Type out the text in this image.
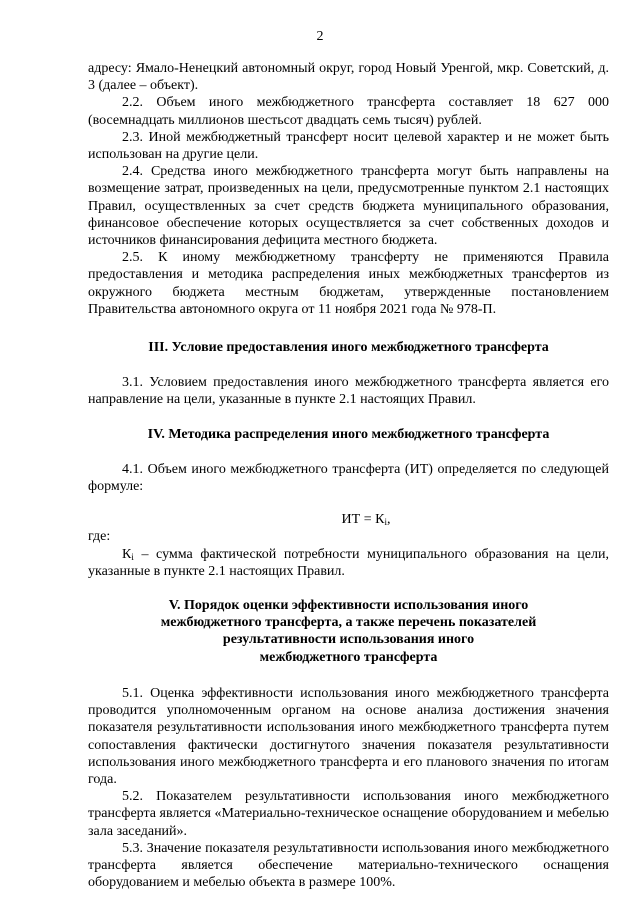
2

адресу: Ямало-Ненецкий автономный округ, город Новый Уренгой, мкр. Советский, д. 3 (далее – объект).

2.2. Объем иного межбюджетного трансферта составляет 18 627 000 (восемнадцать миллионов шестьсот двадцать семь тысяч) рублей.

2.3. Иной межбюджетный трансферт носит целевой характер и не может быть использован на другие цели.

2.4. Средства иного межбюджетного трансферта могут быть направлены на возмещение затрат, произведенных на цели, предусмотренные пунктом 2.1 настоящих Правил, осуществленных за счет средств бюджета муниципального образования, финансовое обеспечение которых осуществляется за счет собственных доходов и источников финансирования дефицита местного бюджета.

2.5. К иному межбюджетному трансферту не применяются Правила предоставления и методика распределения иных межбюджетных трансфертов из окружного бюджета местным бюджетам, утвержденные постановлением Правительства автономного округа от 11 ноября 2021 года № 978-П.

III. Условие предоставления иного межбюджетного трансферта

3.1. Условием предоставления иного межбюджетного трансферта является его направление на цели, указанные в пункте 2.1 настоящих Правил.

IV. Методика распределения иного межбюджетного трансферта

4.1. Объем иного межбюджетного трансферта (ИТ) определяется по следующей формуле:

ИТ = $К_i$,

где:

$К_i$ – сумма фактической потребности муниципального образования на цели, указанные в пункте 2.1 настоящих Правил.

V. Порядок оценки эффективности использования иного
межбюджетного трансферта, а также перечень показателей
результативности использования иного
межбюджетного трансферта

5.1. Оценка эффективности использования иного межбюджетного трансферта проводится уполномоченным органом на основе анализа достижения значения показателя результативности использования иного межбюджетного трансферта путем сопоставления фактически достигнутого значения показателя результативности использования иного межбюджетного трансферта и его планового значения по итогам года.

5.2. Показателем результативности использования иного межбюджетного трансферта является «Материально-техническое оснащение оборудованием и мебелью зала заседаний».

5.3. Значение показателя результативности использования иного межбюджетного трансферта является обеспечение материально-технического оснащения оборудованием и мебелью объекта в размере 100%.
